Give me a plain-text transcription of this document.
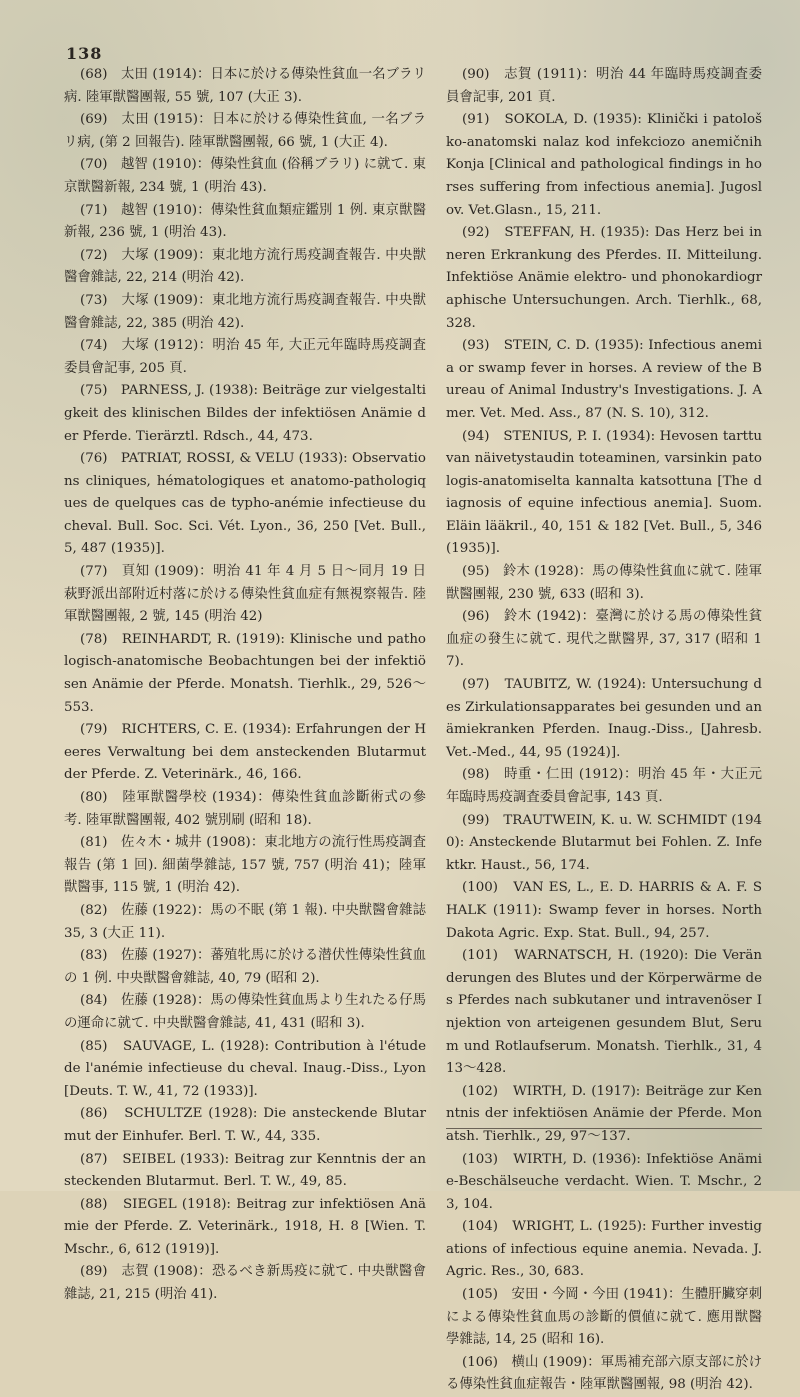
138

(68)　太田 (1914)：日本に於ける傳染性貧血一名ブラリ病. 陸軍獣醫團報, 55 號, 107 (大正 3).

(69)　太田 (1915)：日本に於ける傳染性貧血, 一名ブラリ病, (第 2 回報告). 陸軍獣醫團報, 66 號, 1 (大正 4).

(70)　越智 (1910)：傳染性貧血 (俗稱ブラリ) に就て. 東京獣醫新報, 234 號, 1 (明治 43).

(71)　越智 (1910)：傳染性貧血類症鑑別 1 例. 東京獣醫新報, 236 號, 1 (明治 43).

(72)　大塚 (1909)：東北地方流行馬疫調査報告. 中央獣醫會雜誌, 22, 214 (明治 42).

(73)　大塚 (1909)：東北地方流行馬疫調査報告. 中央獣醫會雜誌, 22, 385 (明治 42).

(74)　大塚 (1912)：明治 45 年, 大正元年臨時馬疫調査委員會記事, 205 頁.

(75)　PARNESS, J. (1938): Beiträge zur vielgestaltigkeit des klinischen Bildes der infektiösen Anämie der Pferde. Tierärztl. Rdsch., 44, 473.

(76)　PATRIAT, ROSSI, & VELU (1933): Observations cliniques, hématologiques et anatomo-pathologiques de quelques cas de typho-anémie infectieuse du cheval. Bull. Soc. Sci. Vét. Lyon., 36, 250 [Vet. Bull., 5, 487 (1935)].

(77)　頁知 (1909)：明治 41 年 4 月 5 日～同月 19 日萩野派出部附近村落に於ける傳染性貧血症有無視察報告. 陸軍獣醫團報, 2 號, 145 (明治 42)

(78)　REINHARDT, R. (1919): Klinische und pathologisch-anatomische Beobachtungen bei der infektiösen Anämie der Pferde. Monatsh. Tierhlk., 29, 526～553.

(79)　RICHTERS, C. E. (1934): Erfahrungen der Heeres Verwaltung bei dem ansteckenden Blutarmut der Pferde. Z. Veterinärk., 46, 166.

(80)　陸軍獣醫學校 (1934)：傳染性貧血診斷術式の參考. 陸軍獣醫團報, 402 號別刷 (昭和 18).

(81)　佐々木・城井 (1908)：東北地方の流行性馬疫調査報告 (第 1 回). 細菌學雜誌, 157 號, 757 (明治 41)；陸軍獣醫事, 115 號, 1 (明治 42).

(82)　佐藤 (1922)：馬の不眠 (第 1 報). 中央獣醫會雜誌 35, 3 (大正 11).

(83)　佐藤 (1927)：蕃殖牝馬に於ける潜伏性傳染性貧血の 1 例. 中央獣醫會雜誌, 40, 79 (昭和 2).

(84)　佐藤 (1928)：馬の傳染性貧血馬より生れたる仔馬の運命に就て. 中央獣醫會雜誌, 41, 431 (昭和 3).

(85)　SAUVAGE, L. (1928): Contribution à l'étude de l'anémie infectieuse du cheval. Inaug.-Diss., Lyon [Deuts. T. W., 41, 72 (1933)].

(86)　SCHULTZE (1928): Die ansteckende Blutarmut der Einhufer. Berl. T. W., 44, 335.

(87)　SEIBEL (1933): Beitrag zur Kenntnis der ansteckenden Blutarmut. Berl. T. W., 49, 85.

(88)　SIEGEL (1918): Beitrag zur infektiösen Anämie der Pferde. Z. Veterinärk., 1918, H. 8 [Wien. T. Mschr., 6, 612 (1919)].

(89)　志賀 (1908)：恐るべき新馬疫に就て. 中央獣醫會雜誌, 21, 215 (明治 41).

(90)　志賀 (1911)：明治 44 年臨時馬疫調査委員會記事, 201 頁.

(91)　SOKOLA, D. (1935): Klinički i patološko-anatomski nalaz kod infekciozo anemičnih Konja [Clinical and pathological findings in horses suffering from infectious anemia]. Jugoslov. Vet.Glasn., 15, 211.

(92)　STEFFAN, H. (1935): Das Herz bei inneren Erkrankung des Pferdes. II. Mitteilung. Infektiöse Anämie elektro- und phonokardiographische Untersuchungen. Arch. Tierhlk., 68, 328.

(93)　STEIN, C. D. (1935): Infectious anemia or swamp fever in horses. A review of the Bureau of Animal Industry's Investigations. J. Amer. Vet. Med. Ass., 87 (N. S. 10), 312.

(94)　STENIUS, P. I. (1934): Hevosen tarttuvan näivetystaudin toteaminen, varsinkin patologis-anatomiselta kannalta katsottuna [The diagnosis of equine infectious anemia]. Suom. Eläin lääkril., 40, 151 & 182 [Vet. Bull., 5, 346 (1935)].

(95)　鈴木 (1928)：馬の傳染性貧血に就て. 陸軍獣醫團報, 230 號, 633 (昭和 3).

(96)　鈴木 (1942)：臺灣に於ける馬の傳染性貧血症の發生に就て. 現代之獣醫界, 37, 317 (昭和 17).

(97)　TAUBITZ, W. (1924): Untersuchung des Zirkulationsapparates bei gesunden und anämiekranken Pferden. Inaug.-Diss., [Jahresb. Vet.-Med., 44, 95 (1924)].

(98)　時重・仁田 (1912)：明治 45 年・大正元年臨時馬疫調査委員會記事, 143 頁.

(99)　TRAUTWEIN, K. u. W. SCHMIDT (1940): Ansteckende Blutarmut bei Fohlen. Z. Infektkr. Haust., 56, 174.

(100)　VAN ES, L., E. D. HARRIS & A. F. SHALK (1911): Swamp fever in horses. North Dakota Agric. Exp. Stat. Bull., 94, 257.

(101)　WARNATSCH, H. (1920): Die Veränderungen des Blutes und der Körperwärme des Pferdes nach subkutaner und intravenöser Injektion von arteigenen gesundem Blut, Serum und Rotlaufserum. Monatsh. Tierhlk., 31, 413～428.

(102)　WIRTH, D. (1917): Beiträge zur Kenntnis der infektiösen Anämie der Pferde. Monatsh. Tierhlk., 29, 97～137.

(103)　WIRTH, D. (1936): Infektiöse Anämie-Beschälseuche verdacht. Wien. T. Mschr., 23, 104.

(104)　WRIGHT, L. (1925): Further investigations of infectious equine anemia. Nevada. J. Agric. Res., 30, 683.

(105)　安田・今岡・今田 (1941)：生體肝臟穿刺による傳染性貧血馬の診斷的價値に就て. 應用獣醫學雜誌, 14, 25 (昭和 16).

(106)　横山 (1909)：軍馬補充部六原支部に於ける傳染性貧血症報告・陸軍獣醫團報, 98 (明治 42).
